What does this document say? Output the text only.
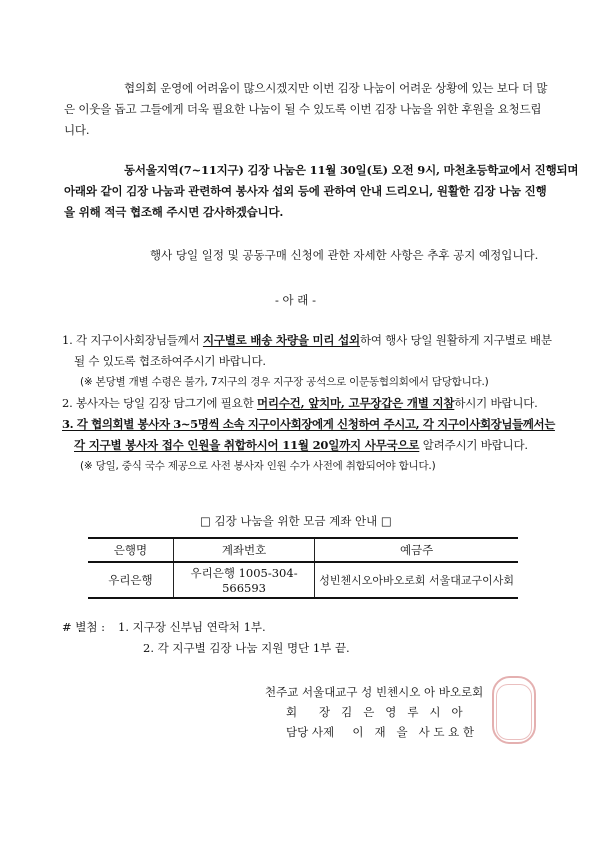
협의회 운영에 어려움이 많으시겠지만 이번 김장 나눔이 어려운 상황에 있는 보다 더 많
은 이웃을 돕고 그들에게 더욱 필요한 나눔이 될 수 있도록 이번 김장 나눔을 위한 후원을 요청드립
니다.
동서울지역(7~11지구) 김장 나눔은 11월 30일(토) 오전 9시, 마천초등학교에서 진행되며
아래와 같이 김장 나눔과 관련하여 봉사자 섭외 등에 관하여 안내 드리오니, 원활한 김장 나눔 진행
을 위해 적극 협조해 주시면 감사하겠습니다.
행사 당일 일정 및 공동구매 신청에 관한 자세한 사항은 추후 공지 예정입니다.
- 아 래 -
1. 각 지구이사회장님들께서 지구별로 배송 차량을 미리 섭외하여 행사 당일 원활하게 지구별로 배분
될 수 있도록 협조하여주시기 바랍니다.
(※ 본당별 개별 수령은 불가, 7지구의 경우 지구장 공석으로 이문동협의회에서 담당합니다.)
2. 봉사자는 당일 김장 담그기에 필요한 머리수건, 앞치마, 고무장갑은 개별 지참하시기 바랍니다.
3. 각 협의회별 봉사자 3~5명씩 소속 지구이사회장에게 신청하여 주시고, 각 지구이사회장님들께서는
각 지구별 봉사자 접수 인원을 취합하시어 11월 20일까지 사무국으로 알려주시기 바랍니다.
(※ 당일, 중식 국수 제공으로 사전 봉사자 인원 수가 사전에 취합되어야 합니다.)
□ 김장 나눔을 위한 모금 계좌 안내 □
은행명	계좌번호	예금주
우리은행	우리은행 1005-304-566593	성빈첸시오아바오로회 서울대교구이사회
# 별첨 : 1. 지구장 신부님 연락처 1부.
2. 각 지구별 김장 나눔 지원 명단 1부 끝.
천주교 서울대교구 성 빈첸시오 아 바오로회
회      장   김   은   영   루   시   아
담당 사제     이   재   을   사 도 요 한
